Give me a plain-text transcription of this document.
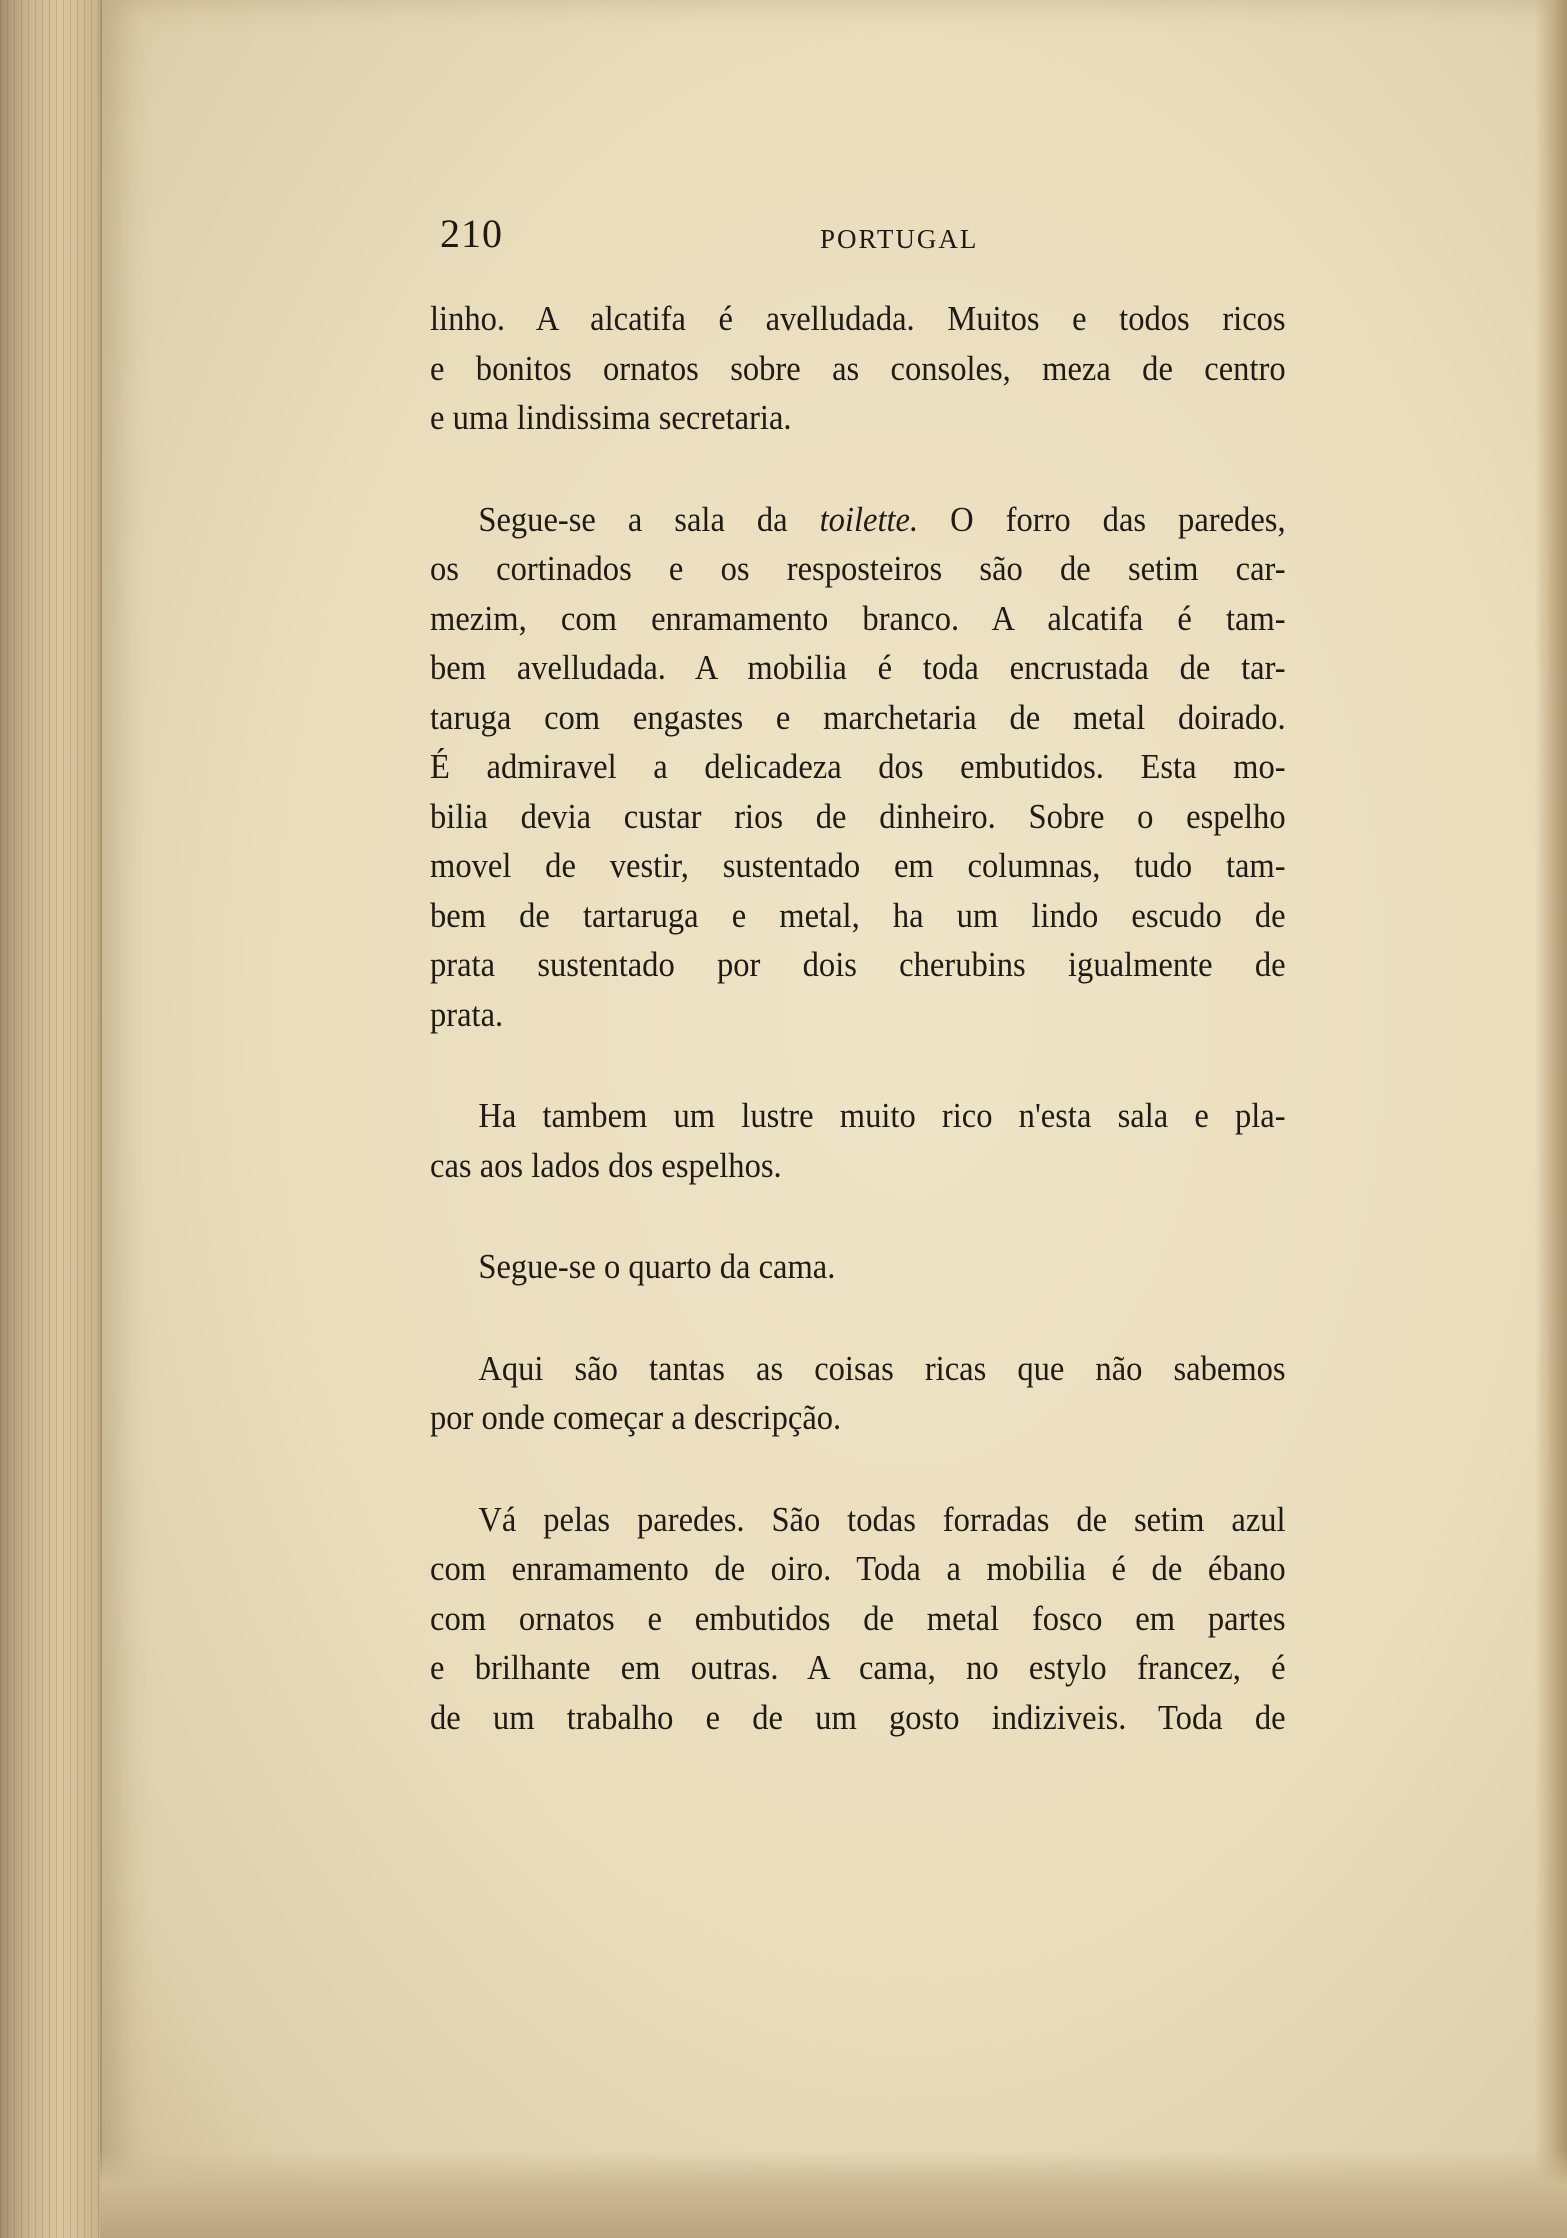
210	PORTUGAL

linho. A alcatifa é avelludada. Muitos e todos ricos
e bonitos ornatos sobre as consoles, meza de centro
e uma lindissima secretaria.

Segue-se a sala da toilette. O forro das paredes,
os cortinados e os resposteiros são de setim car-
mezim, com enramamento branco. A alcatifa é tam-
bem avelludada. A mobilia é toda encrustada de tar-
taruga com engastes e marchetaria de metal doirado.
É admiravel a delicadeza dos embutidos. Esta mo-
bilia devia custar rios de dinheiro. Sobre o espelho
movel de vestir, sustentado em columnas, tudo tam-
bem de tartaruga e metal, ha um lindo escudo de
prata sustentado por dois cherubins igualmente de
prata.

Ha tambem um lustre muito rico n'esta sala e pla-
cas aos lados dos espelhos.

Segue-se o quarto da cama.

Aqui são tantas as coisas ricas que não sabemos
por onde começar a descripção.

Vá pelas paredes. São todas forradas de setim azul
com enramamento de oiro. Toda a mobilia é de ébano
com ornatos e embutidos de metal fosco em partes
e brilhante em outras. A cama, no estylo francez, é
de um trabalho e de um gosto indiziveis. Toda de
